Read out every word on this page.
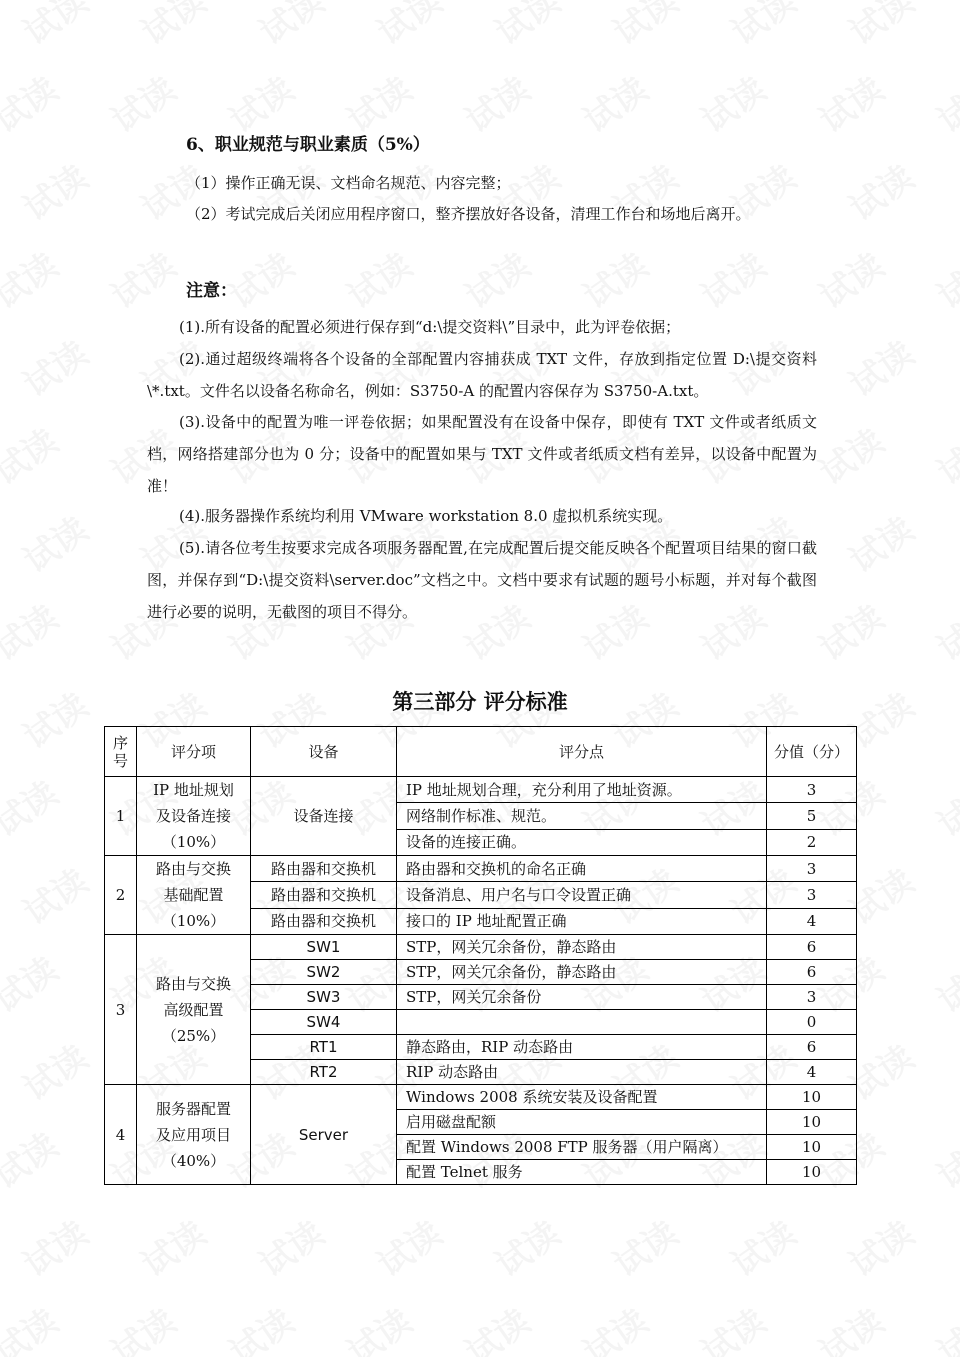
6、职业规范与职业素质（5%）

（1）操作正确无误、文档命名规范、内容完整；

（2）考试完成后关闭应用程序窗口，整齐摆放好各设备，清理工作台和场地后离开。

注意：

(1).所有设备的配置必须进行保存到“d:\提交资料\”目录中，此为评卷依据；

(2).通过超级终端将各个设备的全部配置内容捕获成 TXT 文件，存放到指定位置 D:\提交资料\*.txt。文件名以设备名称命名，例如：S3750-A 的配置内容保存为 S3750-A.txt。

(3).设备中的配置为唯一评卷依据；如果配置没有在设备中保存，即使有 TXT 文件或者纸质文档，网络搭建部分也为 0 分；设备中的配置如果与 TXT 文件或者纸质文档有差异，以设备中配置为准！

(4).服务器操作系统均利用 VMware workstation 8.0 虚拟机系统实现。

(5).请各位考生按要求完成各项服务器配置,在完成配置后提交能反映各个配置项目结果的窗口截图，并保存到“D:\提交资料\server.doc”文档之中。文档中要求有试题的题号小标题，并对每个截图进行必要的说明，无截图的项目不得分。

第三部分 评分标准
序号	评分项	设备	评分点	分值（分）
1	IP 地址规划
及设备连接
（10%）	设备连接	IP 地址规划合理，充分利用了地址资源。	3
			网络制作标准、规范。	5
			设备的连接正确。	2
2	路由与交换
基础配置
（10%）	路由器和交换机	路由器和交换机的命名正确	3
		路由器和交换机	设备消息、用户名与口令设置正确	3
		路由器和交换机	接口的 IP 地址配置正确	4
3	路由与交换
高级配置
（25%）	SW1	STP，网关冗余备份，静态路由	6
		SW2	STP，网关冗余备份，静态路由	6
		SW3	STP，网关冗余备份	3
		SW4		0
		RT1	静态路由，RIP 动态路由	6
		RT2	RIP 动态路由	4
4	服务器配置
及应用项目
（40%）	Server	Windows 2008 系统安装及设备配置	10
			启用磁盘配额	10
			配置 Windows 2008 FTP 服务器（用户隔离）	10
			配置 Telnet 服务	10
